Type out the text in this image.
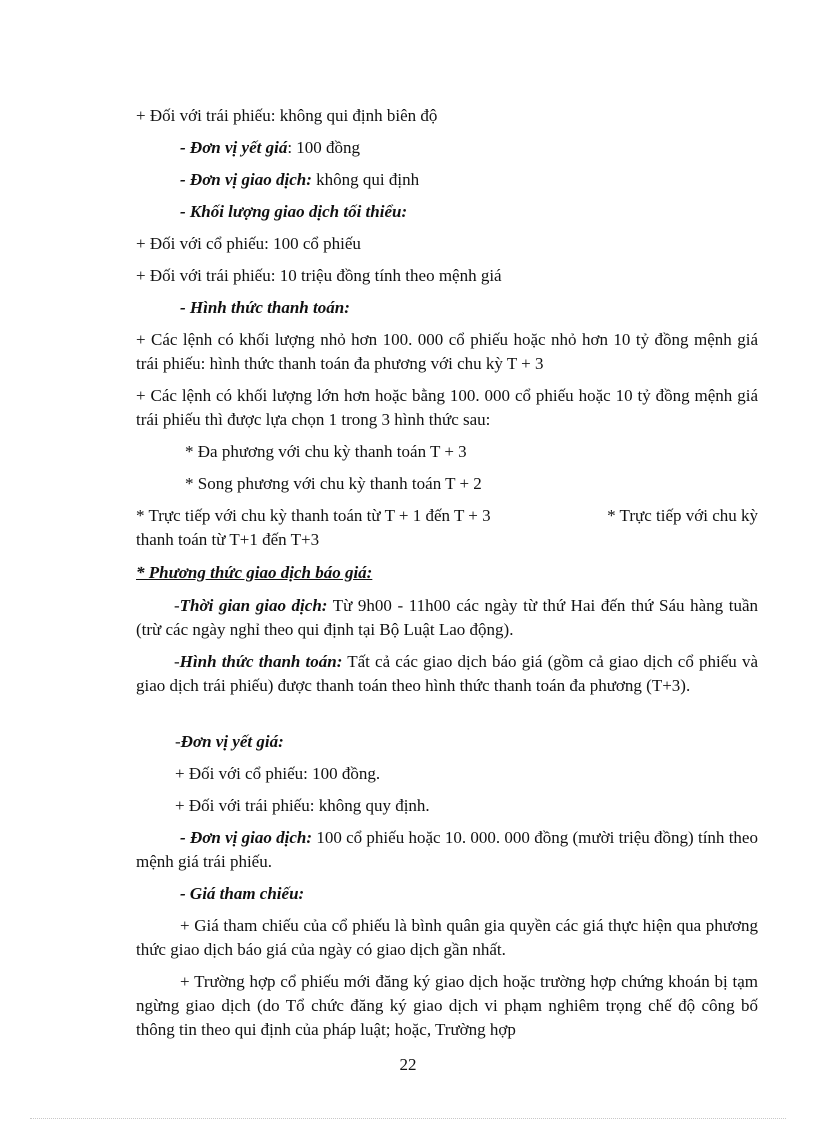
+ Đối với trái phiếu: không qui định biên độ

- Đơn vị yết giá: 100 đồng

- Đơn vị giao dịch: không qui định

- Khối lượng giao dịch tối thiểu:

+ Đối với cổ phiếu: 100 cổ phiếu

+ Đối với trái phiếu: 10 triệu đồng tính theo mệnh giá

- Hình thức thanh toán:

+ Các lệnh có khối lượng nhỏ hơn 100. 000 cổ phiếu hoặc nhỏ hơn 10 tỷ đồng mệnh giá trái phiếu: hình thức thanh toán đa phương với chu kỳ T + 3

+ Các lệnh có khối lượng lớn hơn hoặc bằng 100. 000 cổ phiếu hoặc 10 tỷ đồng mệnh giá trái phiếu thì được lựa chọn 1 trong 3 hình thức sau:

* Đa phương với chu kỳ thanh toán T + 3

* Song phương với chu kỳ thanh toán T + 2

* Trực tiếp với chu kỳ thanh toán từ T + 1 đến T + 3	* Trực tiếp với chu kỳ

thanh toán từ T+1 đến T+3

* Phương thức giao dịch báo giá:

-Thời gian giao dịch: Từ 9h00 - 11h00 các ngày từ thứ Hai đến thứ Sáu hàng tuần (trừ các ngày nghỉ theo qui định tại Bộ Luật Lao động).

-Hình thức thanh toán: Tất cả các giao dịch báo giá (gồm cả giao dịch cổ phiếu và giao dịch trái phiếu) được thanh toán theo hình thức thanh toán đa phương (T+3).

-Đơn vị yết giá:

+ Đối với cổ phiếu: 100 đồng.

+ Đối với trái phiếu: không quy định.

- Đơn vị giao dịch: 100 cổ phiếu hoặc 10. 000. 000 đồng (mười triệu đồng) tính theo mệnh giá trái phiếu.

- Giá tham chiếu:

+ Giá tham chiếu của cổ phiếu là bình quân gia quyền các giá thực hiện qua phương thức giao dịch báo giá của ngày có giao dịch gần nhất.

+ Trường hợp cổ phiếu mới đăng ký giao dịch hoặc trường hợp chứng khoán bị tạm ngừng giao dịch (do Tổ chức đăng ký giao dịch vi phạm nghiêm trọng chế độ công bố thông tin theo qui định của pháp luật; hoặc, Trường hợp

22
